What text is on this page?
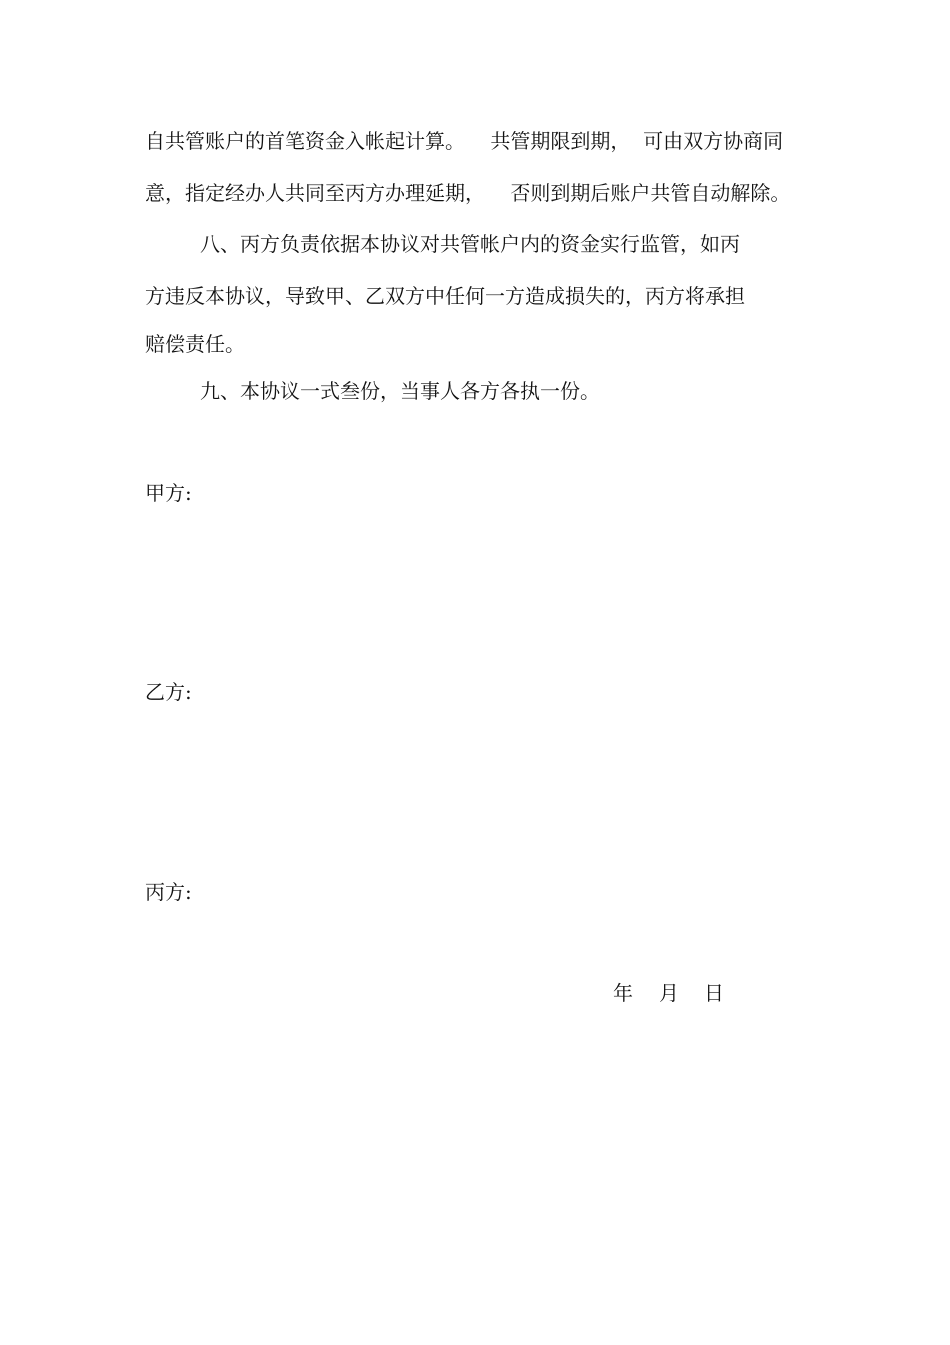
自共管账户的首笔资金入帐起计算。    共管期限到期，  可由双方协商同
意，指定经办人共同至丙方办理延期，    否则到期后账户共管自动解除。
八、丙方负责依据本协议对共管帐户内的资金实行监管，如丙
方违反本协议，导致甲、乙双方中任何一方造成损失的，丙方将承担
赔偿责任。
九、本协议一式叁份，当事人各方各执一份。
甲方:
乙方:
丙方:
年	月	日
